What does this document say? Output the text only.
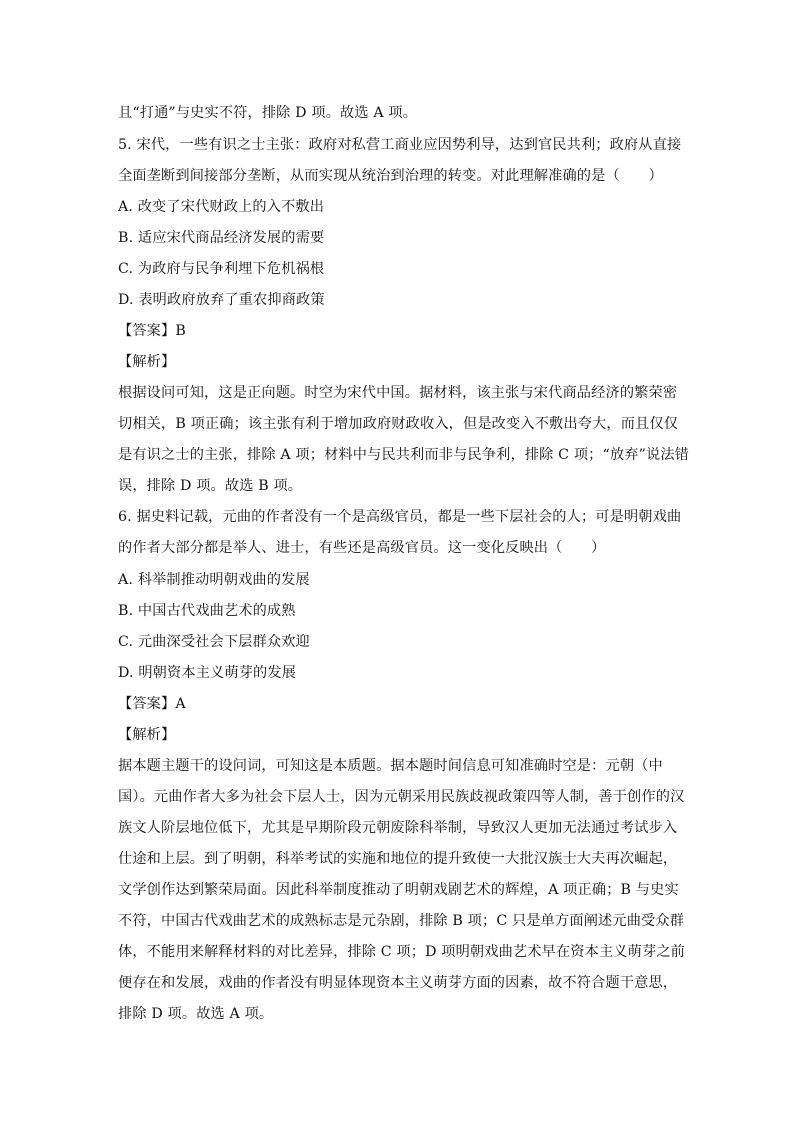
且“打通”与史实不符，排除 D 项。故选 A 项。
5. 宋代，一些有识之士主张：政府对私营工商业应因势利导，达到官民共利；政府从直接
全面垄断到间接部分垄断，从而实现从统治到治理的转变。对此理解准确的是（　　）
A. 改变了宋代财政上的入不敷出
B. 适应宋代商品经济发展的需要
C. 为政府与民争利埋下危机祸根
D. 表明政府放弃了重农抑商政策
【答案】B
【解析】
根据设问可知，这是正向题。时空为宋代中国。据材料，该主张与宋代商品经济的繁荣密
切相关，B 项正确；该主张有利于增加政府财政收入，但是改变入不敷出夸大，而且仅仅
是有识之士的主张，排除 A 项；材料中与民共利而非与民争利，排除 C 项；“放弃”说法错
误，排除 D 项。故选 B 项。
6. 据史料记载，元曲的作者没有一个是高级官员，都是一些下层社会的人；可是明朝戏曲
的作者大部分都是举人、进士，有些还是高级官员。这一变化反映出（　　）
A. 科举制推动明朝戏曲的发展
B. 中国古代戏曲艺术的成熟
C. 元曲深受社会下层群众欢迎
D. 明朝资本主义萌芽的发展
【答案】A
【解析】
据本题主题干的设问词，可知这是本质题。据本题时间信息可知准确时空是：元朝（中
国）。元曲作者大多为社会下层人士，因为元朝采用民族歧视政策四等人制，善于创作的汉
族文人阶层地位低下，尤其是早期阶段元朝废除科举制，导致汉人更加无法通过考试步入
仕途和上层。到了明朝，科举考试的实施和地位的提升致使一大批汉族士大夫再次崛起，
文学创作达到繁荣局面。因此科举制度推动了明朝戏剧艺术的辉煌，A 项正确；B 与史实
不符，中国古代戏曲艺术的成熟标志是元杂剧，排除 B 项；C 只是单方面阐述元曲受众群
体，不能用来解释材料的对比差异，排除 C 项；D 项明朝戏曲艺术早在资本主义萌芽之前
便存在和发展，戏曲的作者没有明显体现资本主义萌芽方面的因素，故不符合题干意思，
排除 D 项。故选 A 项。
